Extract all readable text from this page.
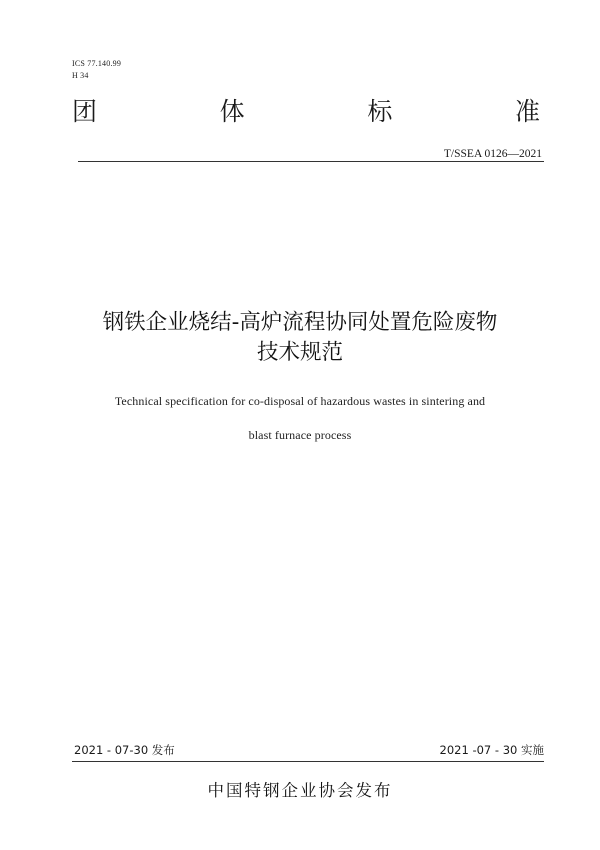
ICS 77.140.99
H 34
团	体	标	准
T/SSEA 0126—2021
钢铁企业烧结-高炉流程协同处置危险废物
技术规范
Technical specification for co-disposal of hazardous wastes in sintering and
blast furnace process
2021 - 07-30 发布	2021 -07 - 30 实施
中国特钢企业协会发布
